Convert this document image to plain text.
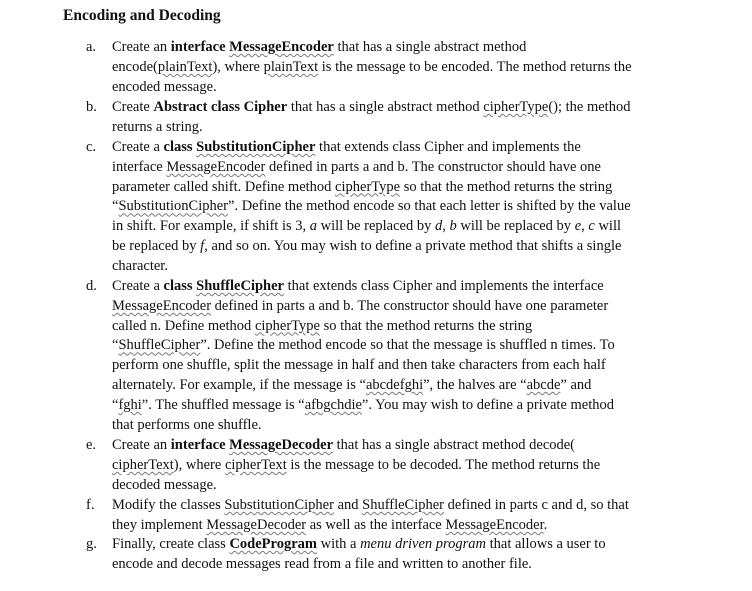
Encoding and Decoding
a.	Create an interface MessageEncoder that has a single abstract method
encode(plainText), where plainText is the message to be encoded. The method returns the
encoded message.
b.	Create Abstract class Cipher that has a single abstract method cipherType(); the method
returns a string.
c.	Create a class SubstitutionCipher that extends class Cipher and implements the
interface MessageEncoder defined in parts a and b. The constructor should have one
parameter called shift. Define method cipherType so that the method returns the string
“SubstitutionCipher”. Define the method encode so that each letter is shifted by the value
in shift. For example, if shift is 3, a will be replaced by d, b will be replaced by e, c will
be replaced by f, and so on. You may wish to define a private method that shifts a single
character.
d.	Create a class ShuffleCipher that extends class Cipher and implements the interface
MessageEncoder defined in parts a and b. The constructor should have one parameter
called n. Define method cipherType so that the method returns the string
“ShuffleCipher”. Define the method encode so that the message is shuffled n times. To
perform one shuffle, split the message in half and then take characters from each half
alternately. For example, if the message is “abcdefghi”, the halves are “abcde” and
“fghi”. The shuffled message is “afbgchdie”. You may wish to define a private method
that performs one shuffle.
e.	Create an interface MessageDecoder that has a single abstract method decode(
cipherText), where cipherText is the message to be decoded. The method returns the
decoded message.
f.	Modify the classes SubstitutionCipher and ShuffleCipher defined in parts c and d, so that
they implement MessageDecoder as well as the interface MessageEncoder.
g.	Finally, create class CodeProgram with a menu driven program that allows a user to
encode and decode messages read from a file and written to another file.
